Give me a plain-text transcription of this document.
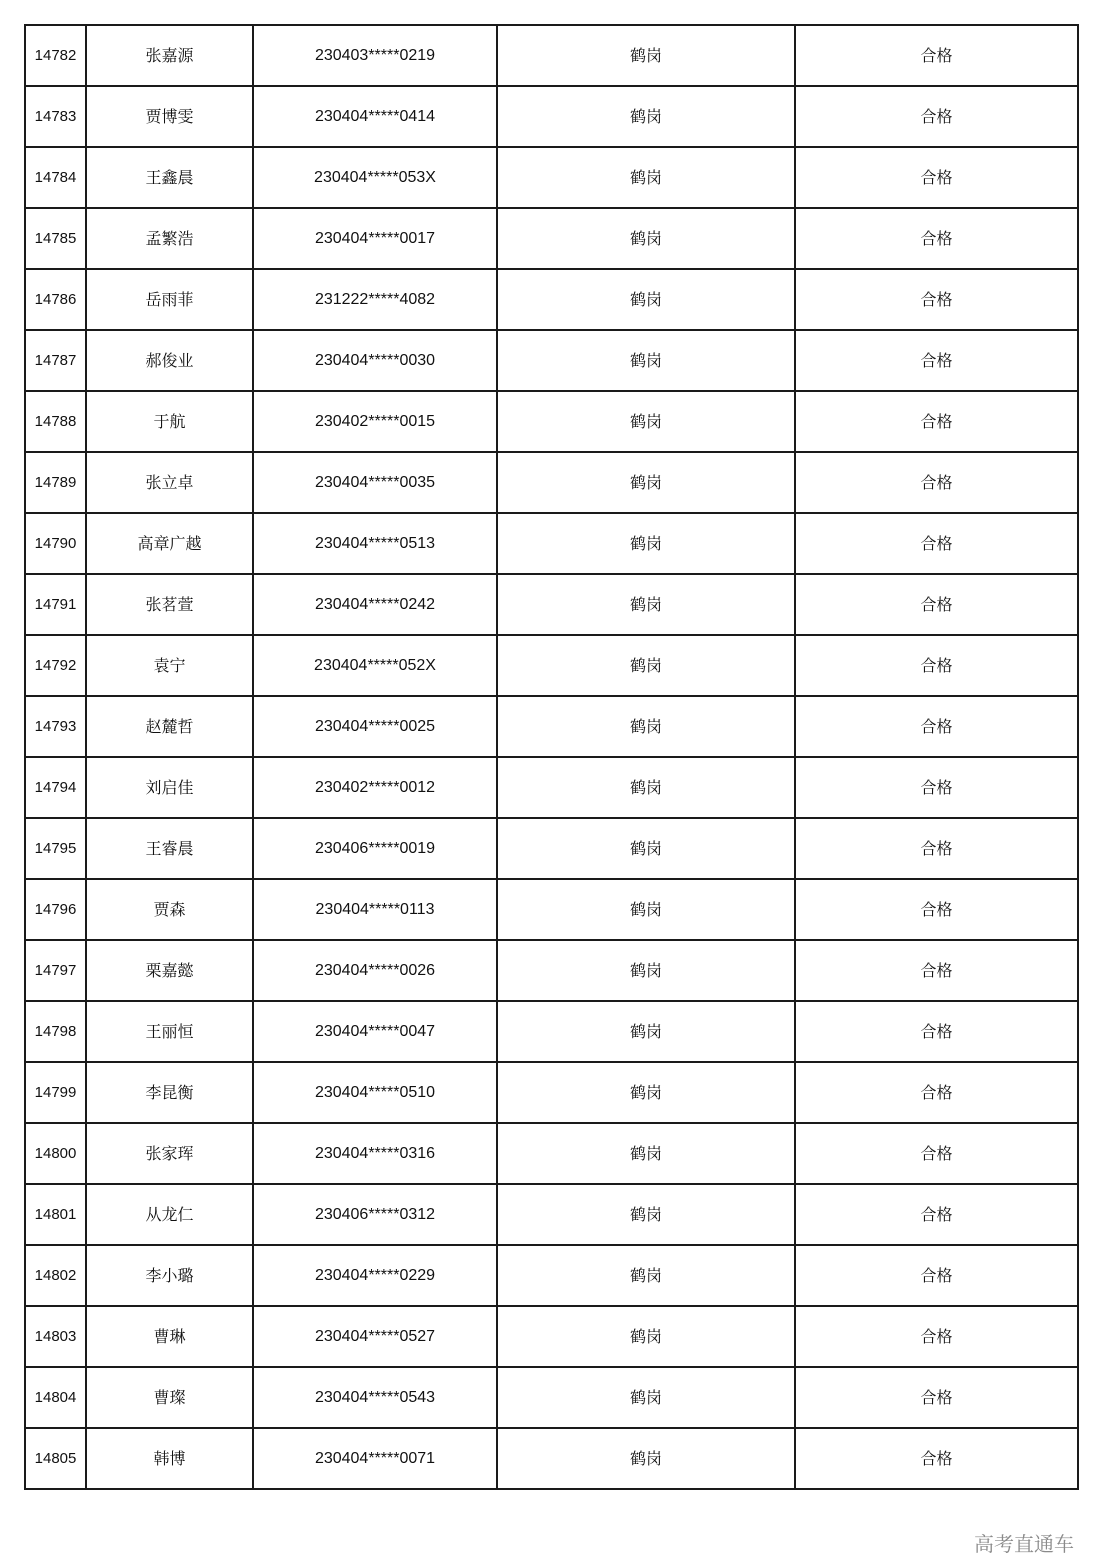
14782	张嘉源	230403*****0219	鹤岗	合格
14783	贾博雯	230404*****0414	鹤岗	合格
14784	王鑫晨	230404*****053X	鹤岗	合格
14785	孟繁浩	230404*****0017	鹤岗	合格
14786	岳雨菲	231222*****4082	鹤岗	合格
14787	郝俊业	230404*****0030	鹤岗	合格
14788	于航	230402*****0015	鹤岗	合格
14789	张立卓	230404*****0035	鹤岗	合格
14790	高章广越	230404*****0513	鹤岗	合格
14791	张茗萱	230404*****0242	鹤岗	合格
14792	袁宁	230404*****052X	鹤岗	合格
14793	赵麓哲	230404*****0025	鹤岗	合格
14794	刘启佳	230402*****0012	鹤岗	合格
14795	王睿晨	230406*****0019	鹤岗	合格
14796	贾森	230404*****0113	鹤岗	合格
14797	栗嘉懿	230404*****0026	鹤岗	合格
14798	王丽恒	230404*****0047	鹤岗	合格
14799	李昆衡	230404*****0510	鹤岗	合格
14800	张家珲	230404*****0316	鹤岗	合格
14801	从龙仁	230406*****0312	鹤岗	合格
14802	李小璐	230404*****0229	鹤岗	合格
14803	曹琳	230404*****0527	鹤岗	合格
14804	曹璨	230404*****0543	鹤岗	合格
14805	韩博	230404*****0071	鹤岗	合格
高考直通车
